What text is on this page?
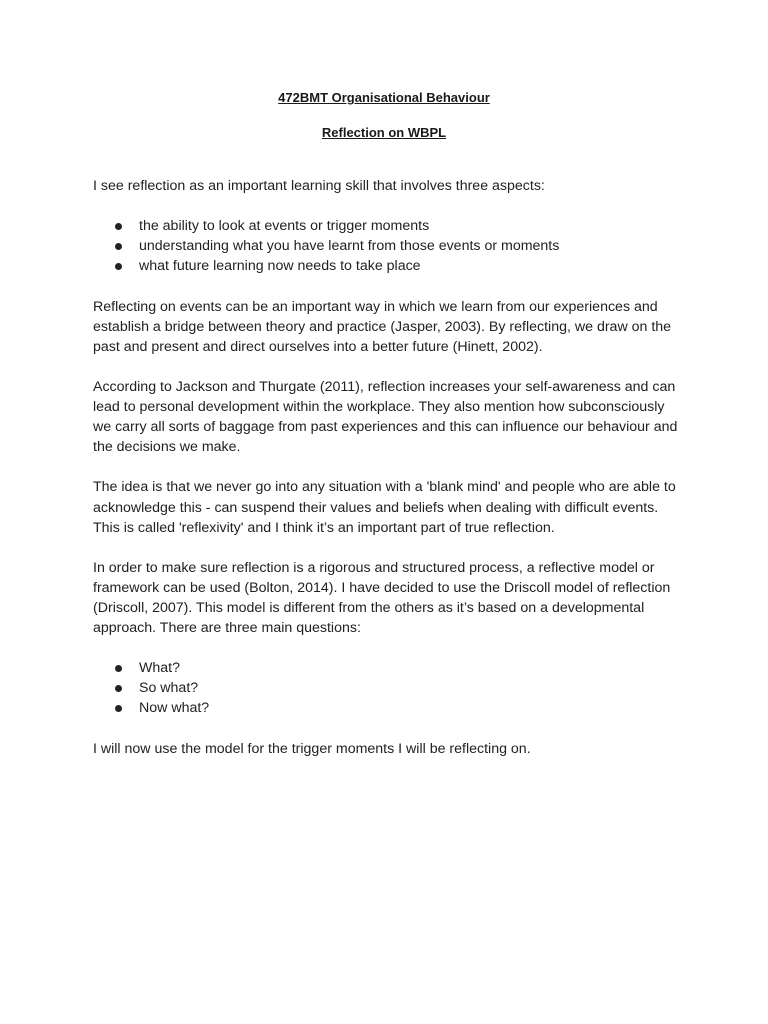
472BMT Organisational Behaviour
Reflection on WBPL

I see reflection as an important learning skill that involves three aspects:

the ability to look at events or trigger moments
understanding what you have learnt from those events or moments
what future learning now needs to take place

Reflecting on events can be an important way in which we learn from our experiences and establish a bridge between theory and practice (Jasper, 2003). By reflecting, we draw on the past and present and direct ourselves into a better future (Hinett, 2002).

According to Jackson and Thurgate (2011), reflection increases your self-awareness and can lead to personal development within the workplace. They also mention how subconsciously we carry all sorts of baggage from past experiences and this can influence our behaviour and the decisions we make.

The idea is that we never go into any situation with a 'blank mind' and people who are able to acknowledge this - can suspend their values and beliefs when dealing with difficult events. This is called 'reflexivity' and I think it’s an important part of true reflection.

In order to make sure reflection is a rigorous and structured process, a reflective model or framework can be used (Bolton, 2014). I have decided to use the Driscoll model of reflection (Driscoll, 2007). This model is different from the others as it’s based on a developmental approach. There are three main questions:

What?
So what?
Now what?

I will now use the model for the trigger moments I will be reflecting on.
